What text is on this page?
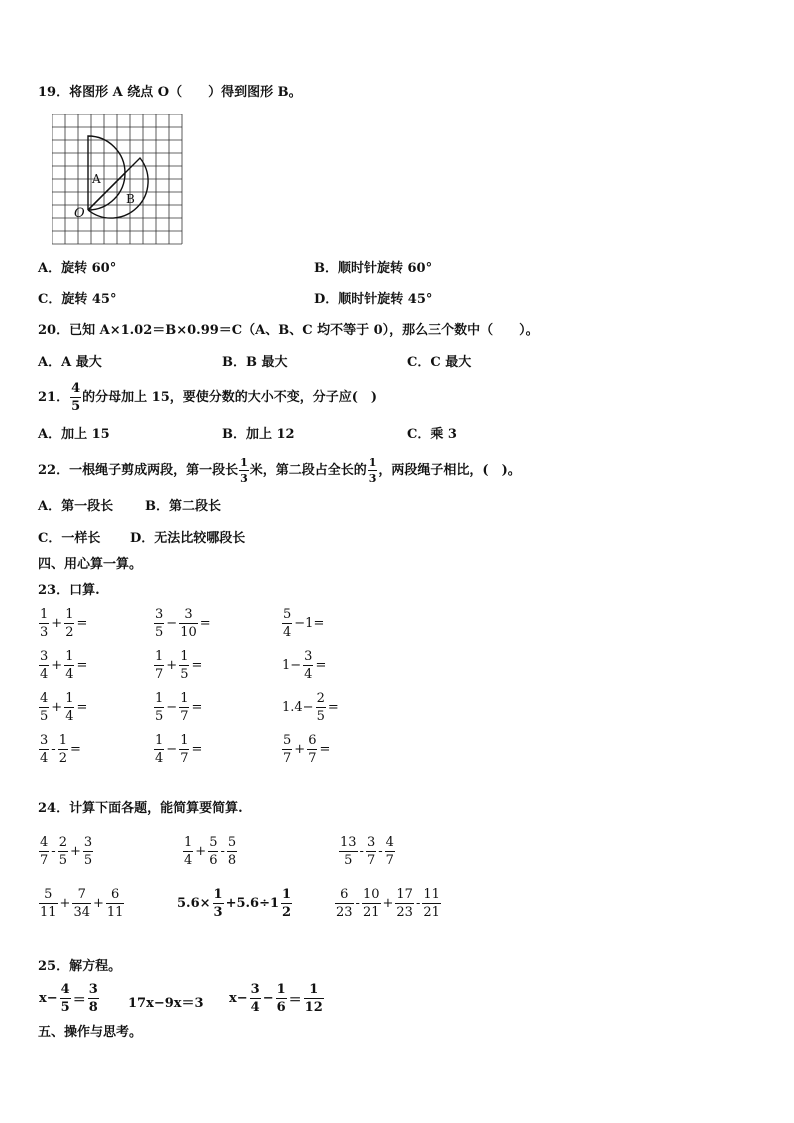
19．将图形 A 绕点 O（　　）得到图形 B。
A
B
O
A．旋转 60°	B．顺时针旋转 60°
C．旋转 45°	D．顺时针旋转 45°
20．已知 A×1.02＝B×0.99＝C（A、B、C 均不等于 0），那么三个数中（　　）。
A．A 最大	B．B 最大	C．C 最大
21． $\frac{4}{5}$ 的分母加上 15，要使分数的大小不变，分子应(　)
A．加上 15	B．加上 12	C．乘 3
22．一根绳子剪成两段，第一段长 $\frac{1}{3}$ 米，第二段占全长的 $\frac{1}{3}$ ，两段绳子相比，(　)。
A．第一段长 B．第二段长
C．一样长 D．无法比较哪段长
四、用心算一算。
23．口算.
$\frac{1}{3} + \frac{1}{2}$ =	$\frac{3}{5} - \frac{3}{10}$ =	$\frac{5}{4} -1=$
$\frac{3}{4} + \frac{1}{4}$ =	$\frac{1}{7} + \frac{1}{5}$ =	$1- \frac{3}{4}$ =
$\frac{4}{5} + \frac{1}{4}$ =	$\frac{1}{5} - \frac{1}{7}$ =	$1.4- \frac{2}{5}$ =
$\frac{3}{4} - \frac{1}{2}$ =	$\frac{1}{4} - \frac{1}{7}$ =	$\frac{5}{7} + \frac{6}{7}$ =
24．计算下面各题，能简算要简算.
$\frac{4}{7} - \frac{2}{5} + \frac{3}{5}$	$\frac{1}{4} + \frac{5}{6} - \frac{5}{8}$	$\frac{13}{5} - \frac{3}{7} - \frac{4}{7}$
$\frac{5}{11} + \frac{7}{34} + \frac{6}{11}$	$5.6\times \frac{1}{3} +5.6\div 1 \frac{1}{2}$	$\frac{6}{23} - \frac{10}{21} + \frac{17}{23} - \frac{11}{21}$
25．解方程。
$x- \frac{4}{5} = \frac{3}{8} 17x-9x=3$ $x- \frac{3}{4} - \frac{1}{6} = \frac{1}{12}$
五、操作与思考。
